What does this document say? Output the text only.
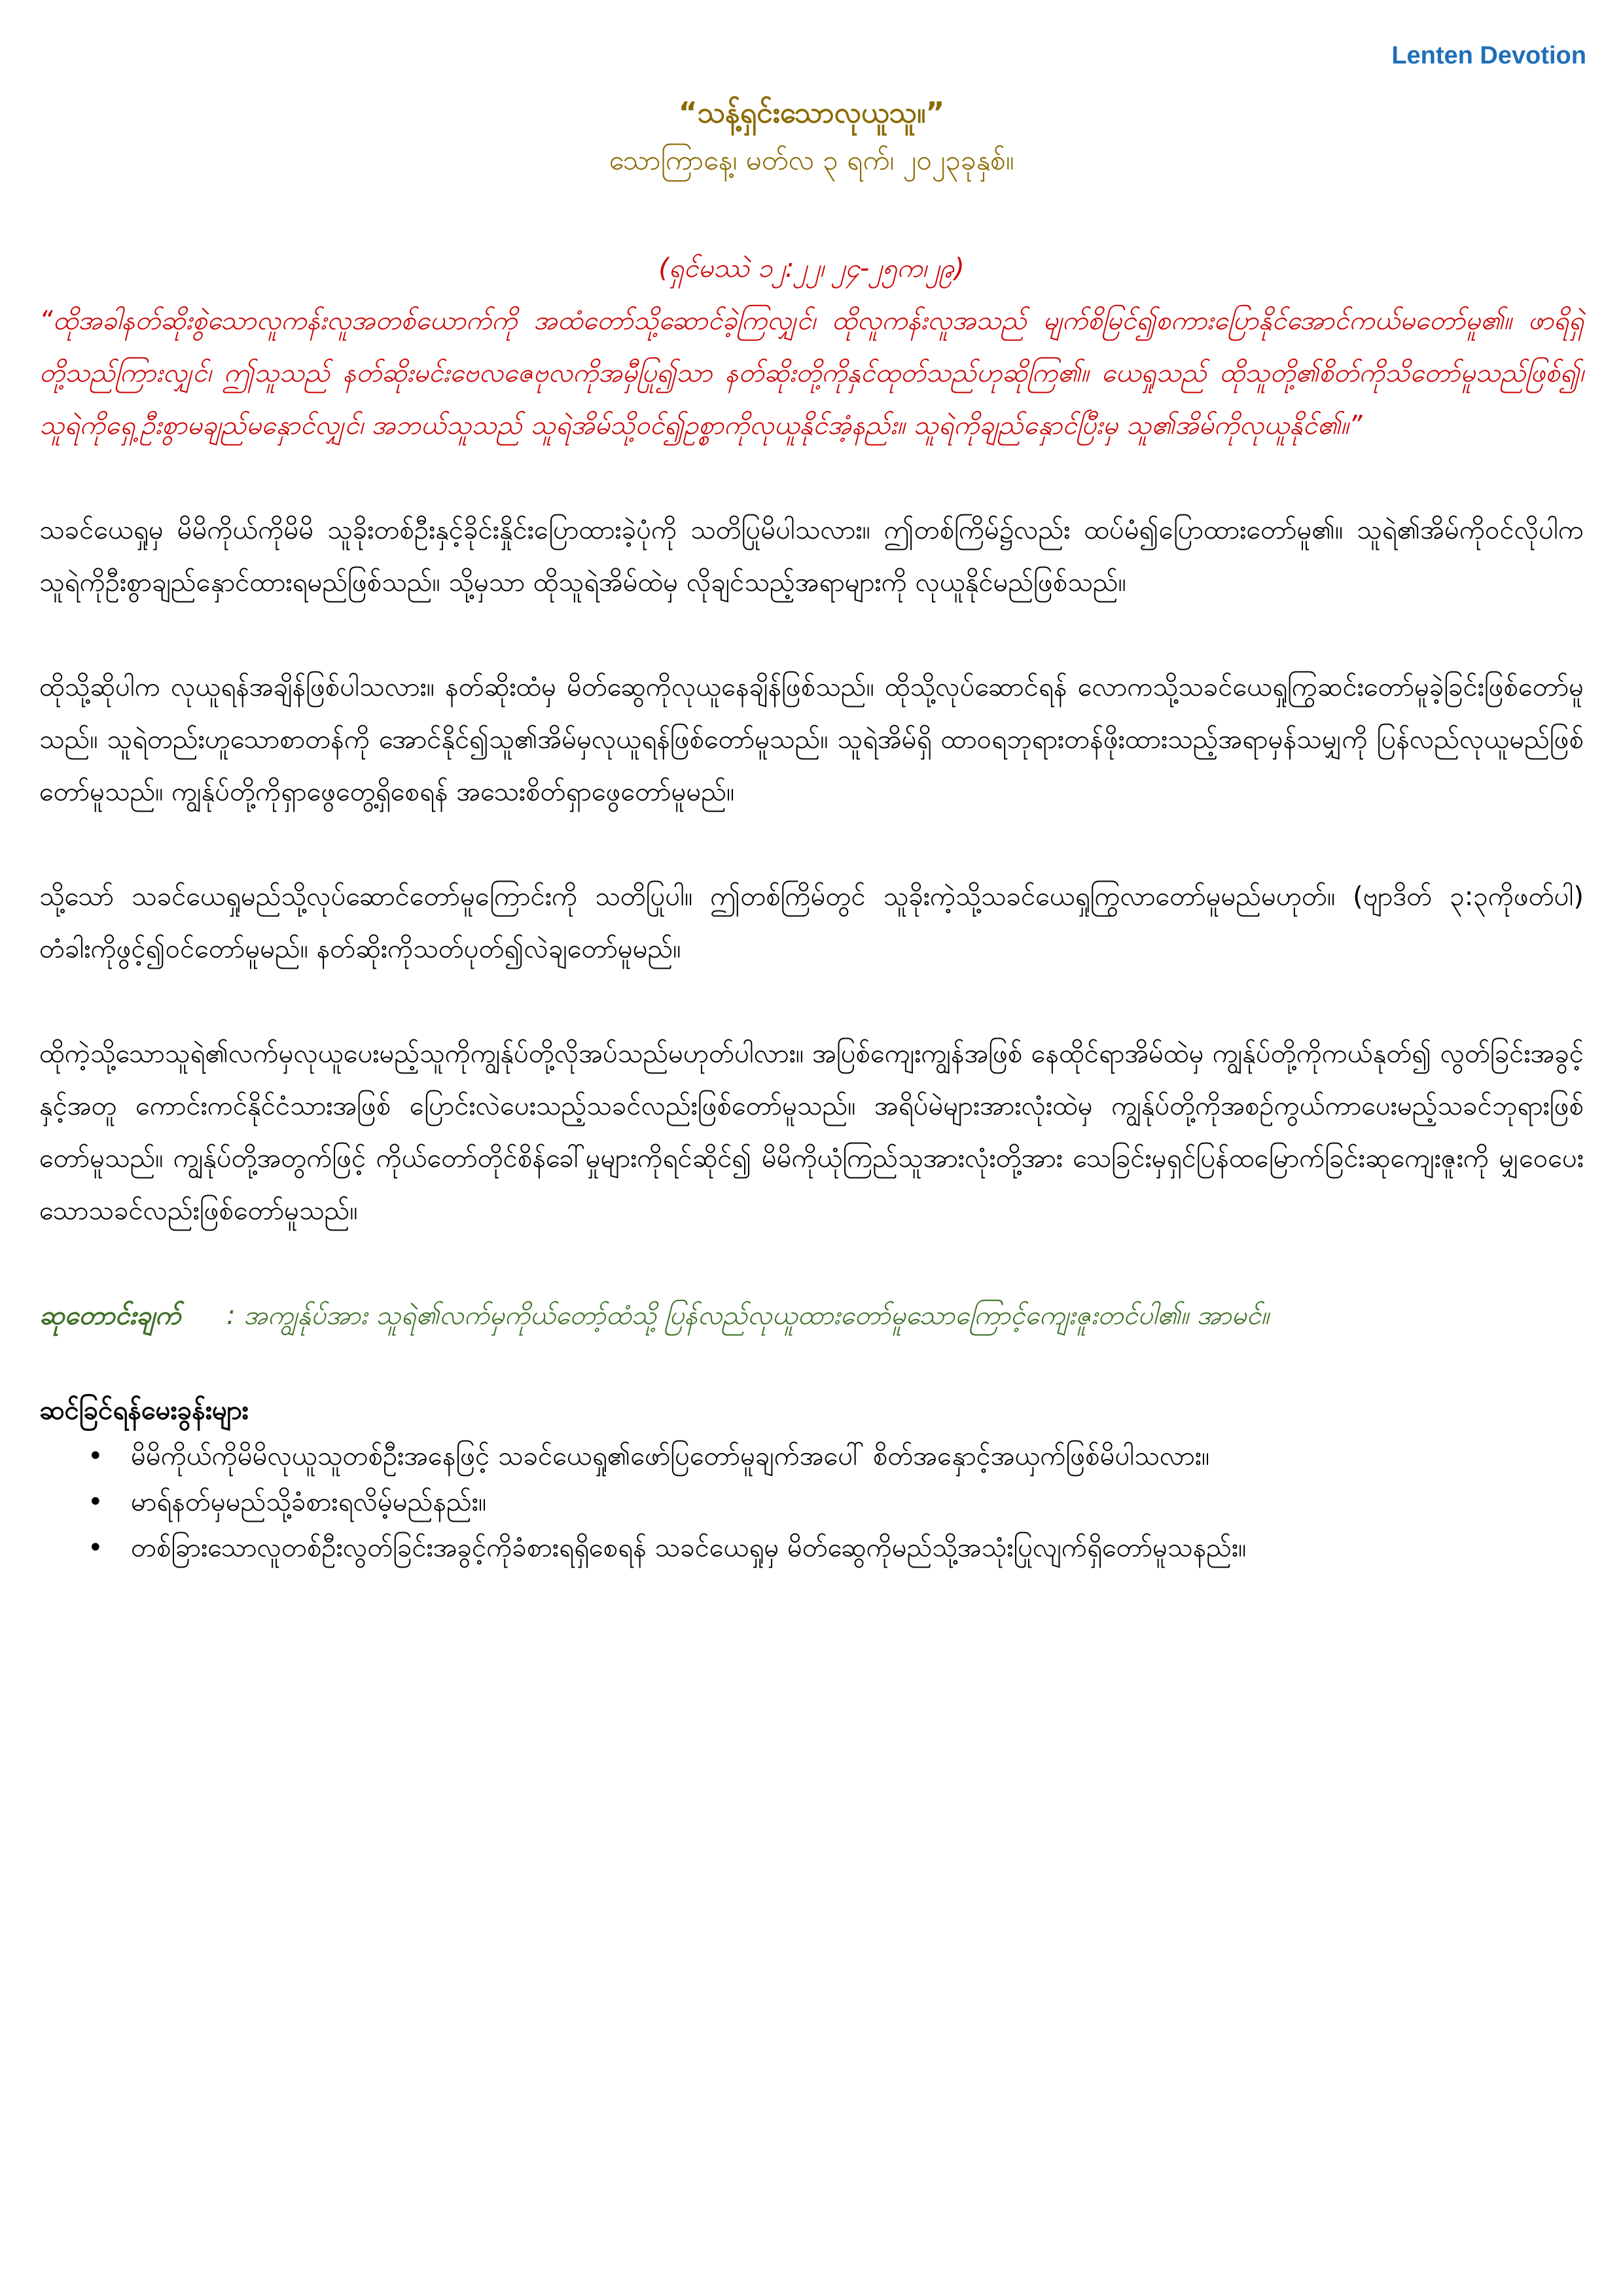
Lenten Devotion
“သန့်ရှင်းသောလုယူသူ။”
သောကြာနေ့၊ မတ်လ ၃ ရက်၊ ၂၀၂၃ခုနှစ်။
(ရှင်မဿဲ ၁၂:၂၂၊ ၂၄-၂၅က၊၂၉)
“ထိုအခါနတ်ဆိုးစွဲသောလူကန်းလူအတစ်ယောက်ကို အထံတော်သို့ဆောင်ခဲ့ကြလျှင်၊ ထိုလူကန်းလူအသည် မျက်စိမြင်၍စကားပြောနိုင်အောင်ကယ်မတော်မူ၏။ ဖာရိရှဲတို့သည်ကြားလျှင်၊ ဤသူသည် နတ်ဆိုးမင်းဗေလဇေဗုလကိုအမှီပြု၍သာ နတ်ဆိုးတို့ကိုနှင်ထုတ်သည်ဟုဆိုကြ၏။ ယေရှုသည် ထိုသူတို့၏စိတ်ကိုသိတော်မူသည်ဖြစ်၍၊ သူရဲကိုရှေ့ဦးစွာမချည်မနှောင်လျှင်၊ အဘယ်သူသည် သူရဲအိမ်သို့ဝင်၍ဥစ္စာကိုလုယူနိုင်အံ့နည်း။ သူရဲကိုချည်နှောင်ပြီးမှ သူ၏အိမ်ကိုလုယူနိုင်၏။”
သခင်ယေရှုမှ မိမိကိုယ်ကိုမိမိ သူခိုးတစ်ဦးနှင့်ခိုင်းနှိုင်းပြောထားခဲ့ပုံကို သတိပြုမိပါသလား။ ဤတစ်ကြိမ်၌လည်း ထပ်မံ၍ပြောထားတော်မူ၏။ သူရဲ၏အိမ်ကိုဝင်လိုပါက သူရဲကိုဦးစွာချည်နှောင်ထားရမည်ဖြစ်သည်။ သို့မှသာ ထိုသူရဲအိမ်ထဲမှ လိုချင်သည့်အရာများကို လုယူနိုင်မည်ဖြစ်သည်။
ထိုသို့ဆိုပါက လုယူရန်အချိန်ဖြစ်ပါသလား။ နတ်ဆိုးထံမှ မိတ်ဆွေကိုလုယူနေချိန်ဖြစ်သည်။ ထိုသို့လုပ်ဆောင်ရန် လောကသို့သခင်ယေရှုကြွဆင်းတော်မူခဲ့ခြင်းဖြစ်တော်မူသည်။ သူရဲတည်းဟူသောစာတန်ကို အောင်နိုင်၍သူ၏အိမ်မှလုယူရန်ဖြစ်တော်မူသည်။ သူရဲအိမ်ရှိ ထာဝရဘုရားတန်ဖိုးထားသည့်အရာမှန်သမျှကို ပြန်လည်လုယူမည်ဖြစ်တော်မူသည်။ ကျွန်ုပ်တို့ကိုရှာဖွေတွေ့ရှိစေရန် အသေးစိတ်ရှာဖွေတော်မူမည်။
သို့သော် သခင်ယေရှုမည်သို့လုပ်ဆောင်တော်မူကြောင်းကို သတိပြုပါ။ ဤတစ်ကြိမ်တွင် သူခိုးကဲ့သို့သခင်ယေရှုကြွလာတော်မူမည်မဟုတ်။ (ဗျာဒိတ် ၃:၃ကိုဖတ်ပါ) တံခါးကိုဖွင့်၍ဝင်တော်မူမည်။ နတ်ဆိုးကိုသတ်ပုတ်၍လဲချတော်မူမည်။
ထိုကဲ့သို့သောသူရဲ၏လက်မှလုယူပေးမည့်သူကိုကျွန်ုပ်တို့လိုအပ်သည်မဟုတ်ပါလား။ အပြစ်ကျေးကျွန်အဖြစ် နေထိုင်ရာအိမ်ထဲမှ ကျွန်ုပ်တို့ကိုကယ်နုတ်၍ လွတ်ခြင်းအခွင့်နှင့်အတူ ကောင်းကင်နိုင်ငံသားအဖြစ် ပြောင်းလဲပေးသည့်သခင်လည်းဖြစ်တော်မူသည်။ အရိပ်မဲများအားလုံးထဲမှ ကျွန်ုပ်တို့ကိုအစဉ်ကွယ်ကာပေးမည့်သခင်ဘုရားဖြစ်တော်မူသည်။ ကျွန်ုပ်တို့အတွက်ဖြင့် ကိုယ်တော်တိုင်စိန်ခေါ်မှုများကိုရင်ဆိုင်၍ မိမိကိုယုံကြည်သူအားလုံးတို့အား သေခြင်းမှရှင်ပြန်ထမြောက်ခြင်းဆုကျေးဇူးကို မျှဝေပေးသောသခင်လည်းဖြစ်တော်မူသည်။
ဆုတောင်းချက် : အကျွန်ုပ်အား သူရဲ၏လက်မှကိုယ်တော့်ထံသို့ ပြန်လည်လုယူထားတော်မူသောကြောင့်ကျေးဇူးတင်ပါ၏။ အာမင်။
ဆင်ခြင်ရန်မေးခွန်းများ
• မိမိကိုယ်ကိုမိမိလုယူသူတစ်ဦးအနေဖြင့် သခင်ယေရှု၏ဖော်ပြတော်မူချက်အပေါ် စိတ်အနှောင့်အယှက်ဖြစ်မိပါသလား။
• မာရ်နတ်မှမည်သို့ခံစားရလိမ့်မည်နည်း။
• တစ်ခြားသောလူတစ်ဦးလွတ်ခြင်းအခွင့်ကိုခံစားရရှိစေရန် သခင်ယေရှုမှ မိတ်ဆွေကိုမည်သို့အသုံးပြုလျက်ရှိတော်မူသနည်း။
